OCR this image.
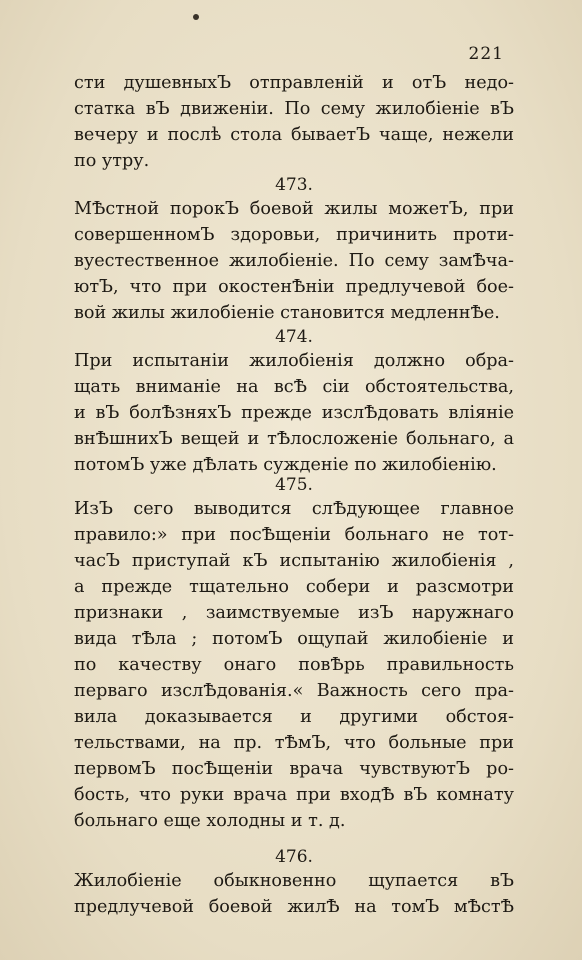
221
сти душевныхЪ отправленій и отЪ недо-
статка вЪ движеніи. По сему жилобіеніе вЪ
вечеру и послѣ стола бываетЪ чаще, нежели
по утру.
473.
МѢстной порокЪ боевой жилы можетЪ, при
совершенномЪ здоровьи, причинить проти-
вуестественное жилобіеніе. По сему замѢча-
ютЪ, что при окостенѢніи предлучевой бое-
вой жилы жилобіеніе становится медленнѢе.
474.
При испытаніи жилобіенія должно обра-
щать вниманіе на всѢ сіи обстоятельства,
и вЪ болѢзняхЪ прежде изслѢдовать вліяніе
внѢшнихЪ вещей и тѢлосложеніе больнаго, а
потомЪ уже дѢлать сужденіе по жилобіенію.
475.
ИзЪ сего выводится слѢдующее главное
правило:» при посѢщеніи больнаго не тот-
часЪ приступай кЪ испытанію жилобіенія ,
а прежде тщательно собери и разсмотри
признаки , заимствуемые изЪ наружнаго
вида тѢла ; потомЪ ощупай жилобіеніе и
по качеству онаго повѢрь правильность
перваго изслѢдованія.« Важность сего пра-
вила доказывается и другими обстоя-
тельствами, на пр. тѢмЪ, что больные при
первомЪ посѢщеніи врача чувствуютЪ ро-
бость, что руки врача при входѢ вЪ комнату
больнаго еще холодны и т. д.
476.
Жилобіеніе обыкновенно щупается вЪ
предлучевой боевой жилѢ на томЪ мѢстѢ
